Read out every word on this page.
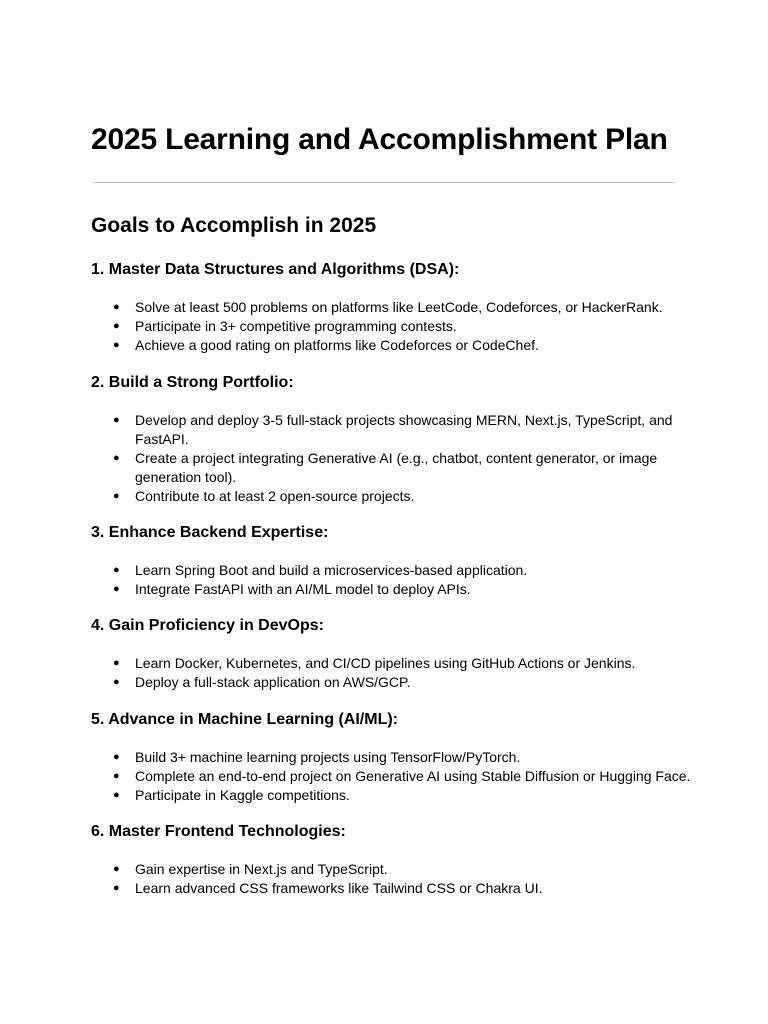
2025 Learning and Accomplishment Plan
Goals to Accomplish in 2025
1. Master Data Structures and Algorithms (DSA):
● Solve at least 500 problems on platforms like LeetCode, Codeforces, or HackerRank.
● Participate in 3+ competitive programming contests.
● Achieve a good rating on platforms like Codeforces or CodeChef.
2. Build a Strong Portfolio:
● Develop and deploy 3-5 full-stack projects showcasing MERN, Next.js, TypeScript, and FastAPI.
● Create a project integrating Generative AI (e.g., chatbot, content generator, or image generation tool).
● Contribute to at least 2 open-source projects.
3. Enhance Backend Expertise:
● Learn Spring Boot and build a microservices-based application.
● Integrate FastAPI with an AI/ML model to deploy APIs.
4. Gain Proficiency in DevOps:
● Learn Docker, Kubernetes, and CI/CD pipelines using GitHub Actions or Jenkins.
● Deploy a full-stack application on AWS/GCP.
5. Advance in Machine Learning (AI/ML):
● Build 3+ machine learning projects using TensorFlow/PyTorch.
● Complete an end-to-end project on Generative AI using Stable Diffusion or Hugging Face.
● Participate in Kaggle competitions.
6. Master Frontend Technologies:
● Gain expertise in Next.js and TypeScript.
● Learn advanced CSS frameworks like Tailwind CSS or Chakra UI.
